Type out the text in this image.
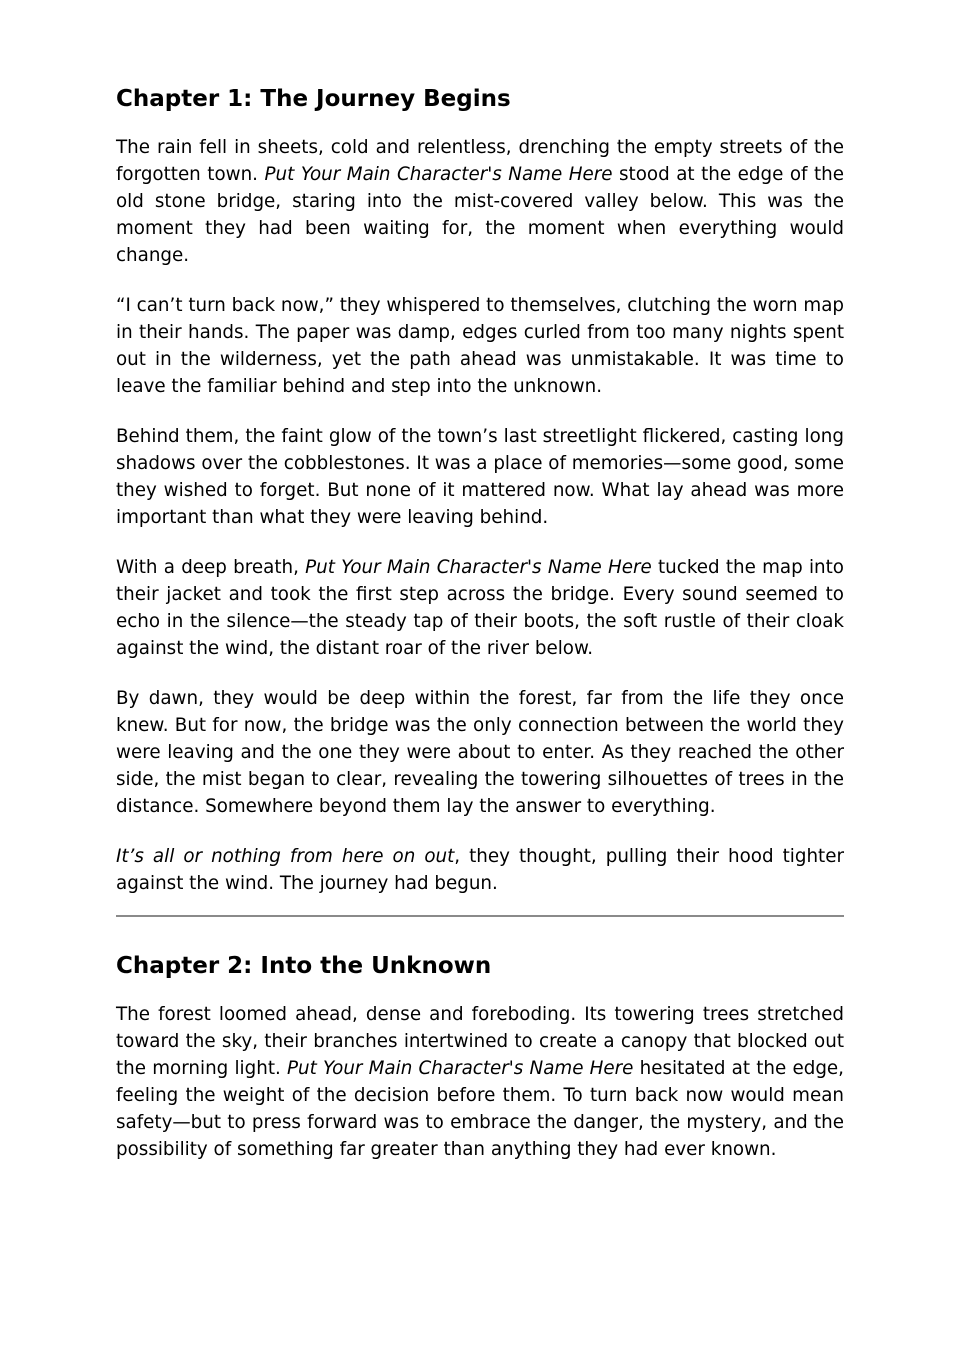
Chapter 1: The Journey Begins

The rain fell in sheets, cold and relentless, drenching the empty streets of the forgotten town. Put Your Main Character's Name Here stood at the edge of the old stone bridge, staring into the mist-covered valley below. This was the moment they had been waiting for, the moment when everything would change.

“I can’t turn back now,” they whispered to themselves, clutching the worn map in their hands. The paper was damp, edges curled from too many nights spent out in the wilderness, yet the path ahead was unmistakable. It was time to leave the familiar behind and step into the unknown.

Behind them, the faint glow of the town’s last streetlight flickered, casting long shadows over the cobblestones. It was a place of memories—some good, some they wished to forget. But none of it mattered now. What lay ahead was more important than what they were leaving behind.

With a deep breath, Put Your Main Character's Name Here tucked the map into their jacket and took the first step across the bridge. Every sound seemed to echo in the silence—the steady tap of their boots, the soft rustle of their cloak against the wind, the distant roar of the river below.

By dawn, they would be deep within the forest, far from the life they once knew. But for now, the bridge was the only connection between the world they were leaving and the one they were about to enter. As they reached the other side, the mist began to clear, revealing the towering silhouettes of trees in the distance. Somewhere beyond them lay the answer to everything.

It’s all or nothing from here on out, they thought, pulling their hood tighter against the wind. The journey had begun.

Chapter 2: Into the Unknown

The forest loomed ahead, dense and foreboding. Its towering trees stretched toward the sky, their branches intertwined to create a canopy that blocked out the morning light. Put Your Main Character's Name Here hesitated at the edge, feeling the weight of the decision before them. To turn back now would mean safety—but to press forward was to embrace the danger, the mystery, and the possibility of something far greater than anything they had ever known.
